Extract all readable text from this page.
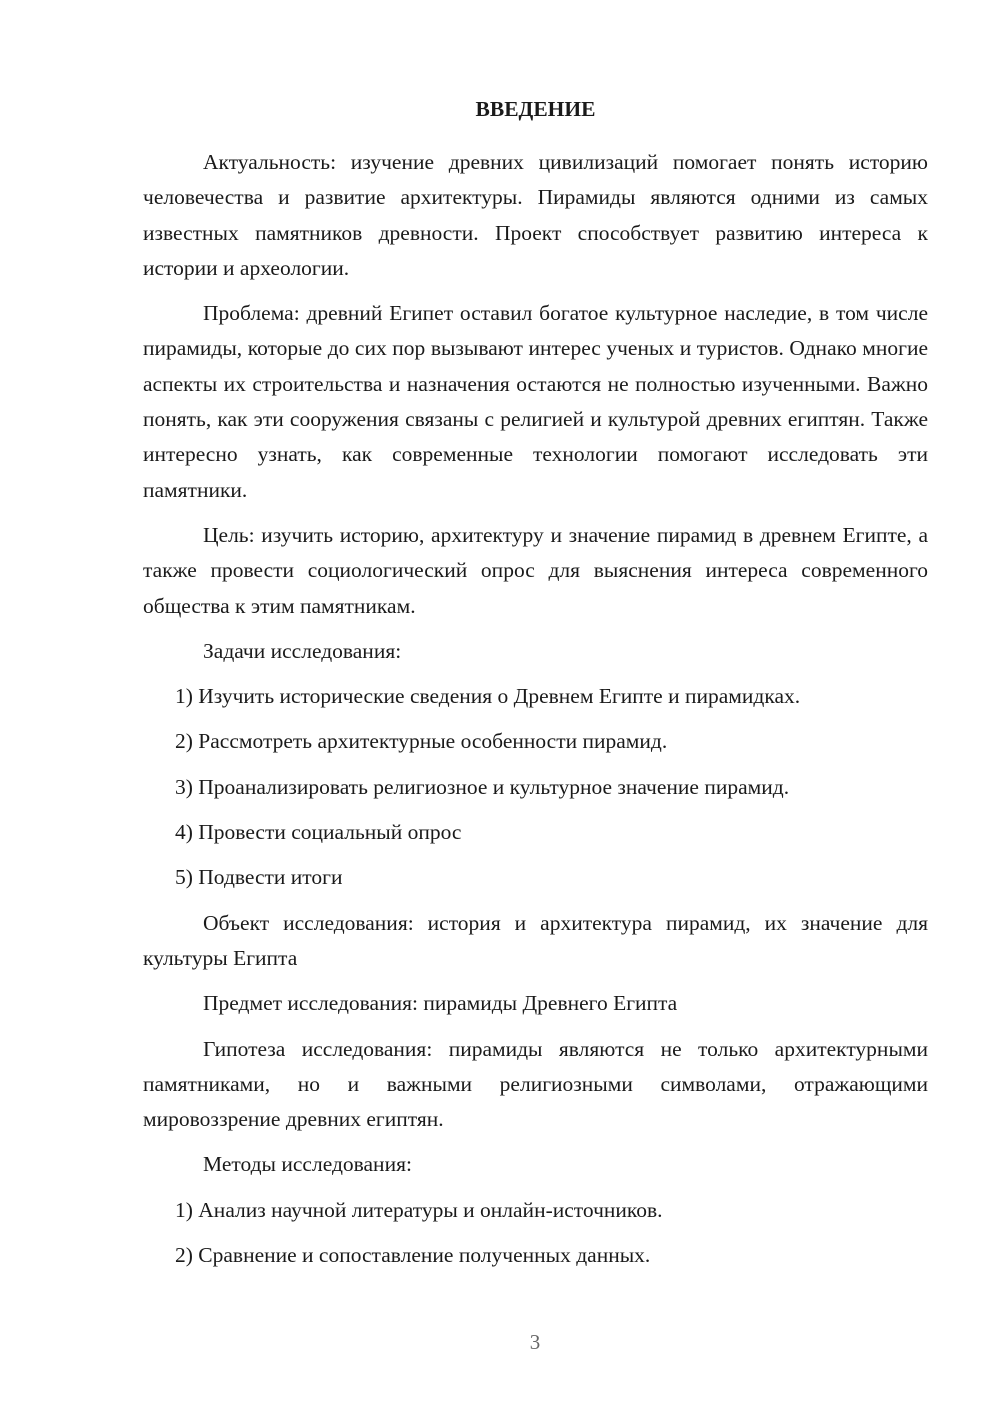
ВВЕДЕНИЕ

Актуальность: изучение древних цивилизаций помогает понять историю человечества и развитие архитектуры. Пирамиды являются одними из самых известных памятников древности. Проект способствует развитию интереса к истории и археологии.

Проблема: древний Египет оставил богатое культурное наследие, в том числе пирамиды, которые до сих пор вызывают интерес ученых и туристов. Однако многие аспекты их строительства и назначения остаются не полностью изученными. Важно понять, как эти сооружения связаны с религией и культурой древних египтян. Также интересно узнать, как современные технологии помогают исследовать эти памятники.

Цель: изучить историю, архитектуру и значение пирамид в древнем Египте, а также провести социологический опрос для выяснения интереса современного общества к этим памятникам.

Задачи исследования:

1) Изучить исторические сведения о Древнем Египте и пирамидках.
2) Рассмотреть архитектурные особенности пирамид.
3) Проанализировать религиозное и культурное значение пирамид.
4) Провести социальный опрос
5) Подвести итоги

Объект исследования: история и архитектура пирамид, их значение для культуры Египта

Предмет исследования: пирамиды Древнего Египта

Гипотеза исследования: пирамиды являются не только архитектурными памятниками, но и важными религиозными символами, отражающими мировоззрение древних египтян.

Методы исследования:

1) Анализ научной литературы и онлайн-источников.
2) Сравнение и сопоставление полученных данных.
3
